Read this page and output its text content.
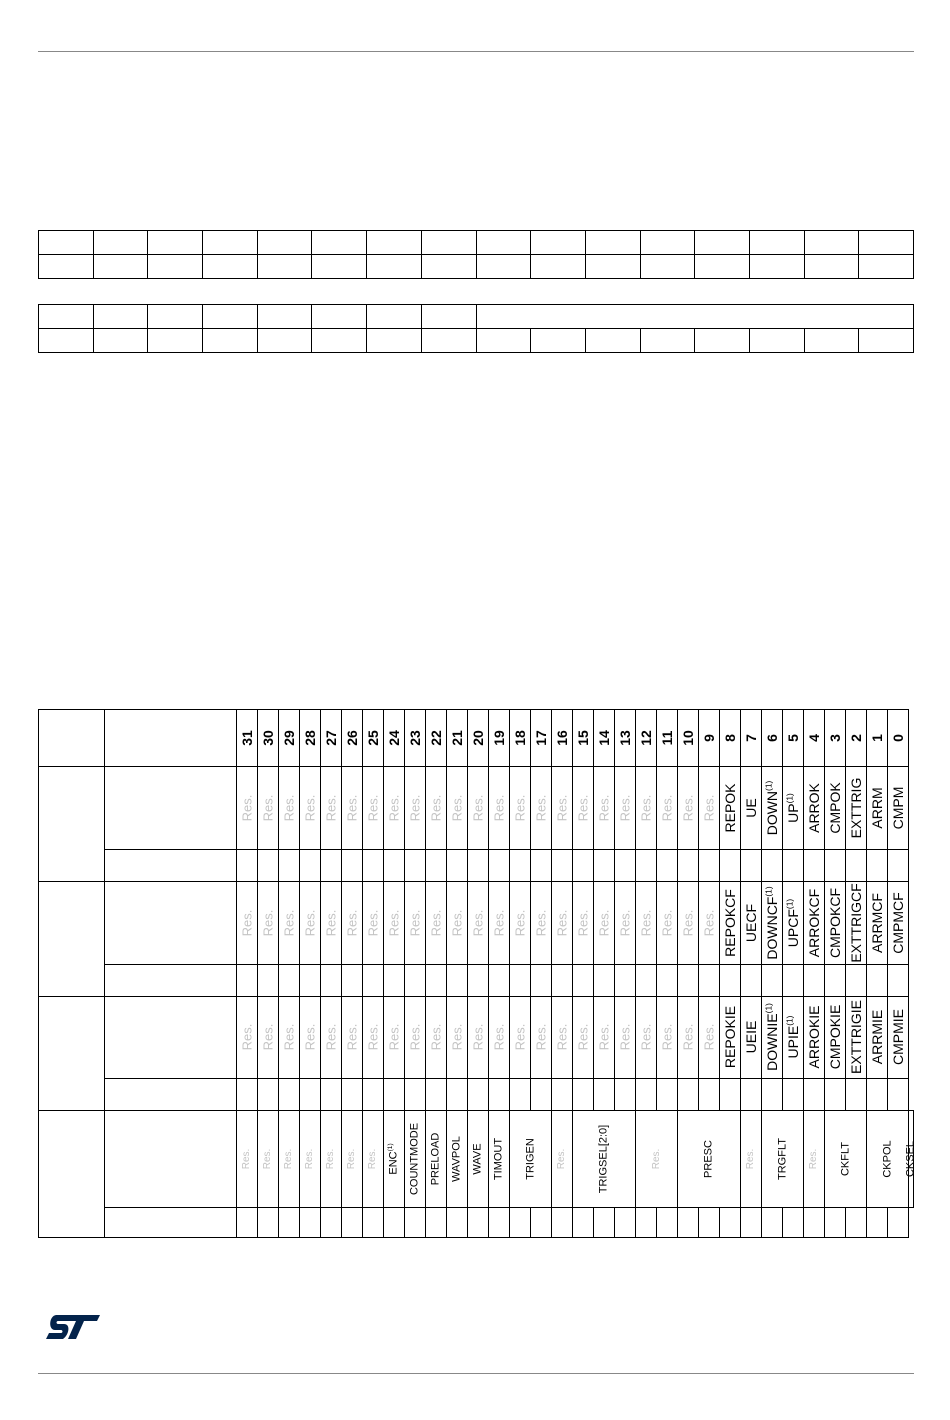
		31	30	29	28	27	26	25	24	23	22	21	20	19	18	17	16	15	14	13	12	11	10	9	8	7	6	5	4	3	2	1	0	

		Res.	Res.	Res.	Res.	Res.	Res.	Res.	Res.	Res.	Res.	Res.	Res.	Res.	Res.	Res.	Res.	Res.	Res.	Res.	Res.	Res.	Res.	Res.	REPOK	UE	DOWN$^{(1)}$	UP$^{(1)}$	ARROK	CMPOK	EXTTRIG	ARRM	CMPM	

		Res.	Res.	Res.	Res.	Res.	Res.	Res.	Res.	Res.	Res.	Res.	Res.	Res.	Res.	Res.	Res.	Res.	Res.	Res.	Res.	Res.	Res.	Res.	REPOKCF	UECF	DOWNCF$^{(1)}$	UPCF$^{(1)}$	ARROKCF	CMPOKCF	EXTTRIGCF	ARRMCF	CMPMCF	

		Res.	Res.	Res.	Res.	Res.	Res.	Res.	Res.	Res.	Res.	Res.	Res.	Res.	Res.	Res.	Res.	Res.	Res.	Res.	Res.	Res.	Res.	Res.	REPOKIE	UEIE	DOWNIE$^{(1)}$	UPIE$^{(1)}$	ARROKIE	CMPOKIE	EXTTRIGIE	ARRMIE	CMPMIE	

		Res.	Res.	Res.	Res.	Res.	Res.	Res.	ENC$^{(1)}$	COUNTMODE	PRELOAD	WAVPOL	WAVE	TIMOUT	TRIGEN		Res.	TRIGSEL[2:0]			Res.		PRESC			Res.	TRGFLT		Res.	CKFLT		CKPOL		CKSEL
